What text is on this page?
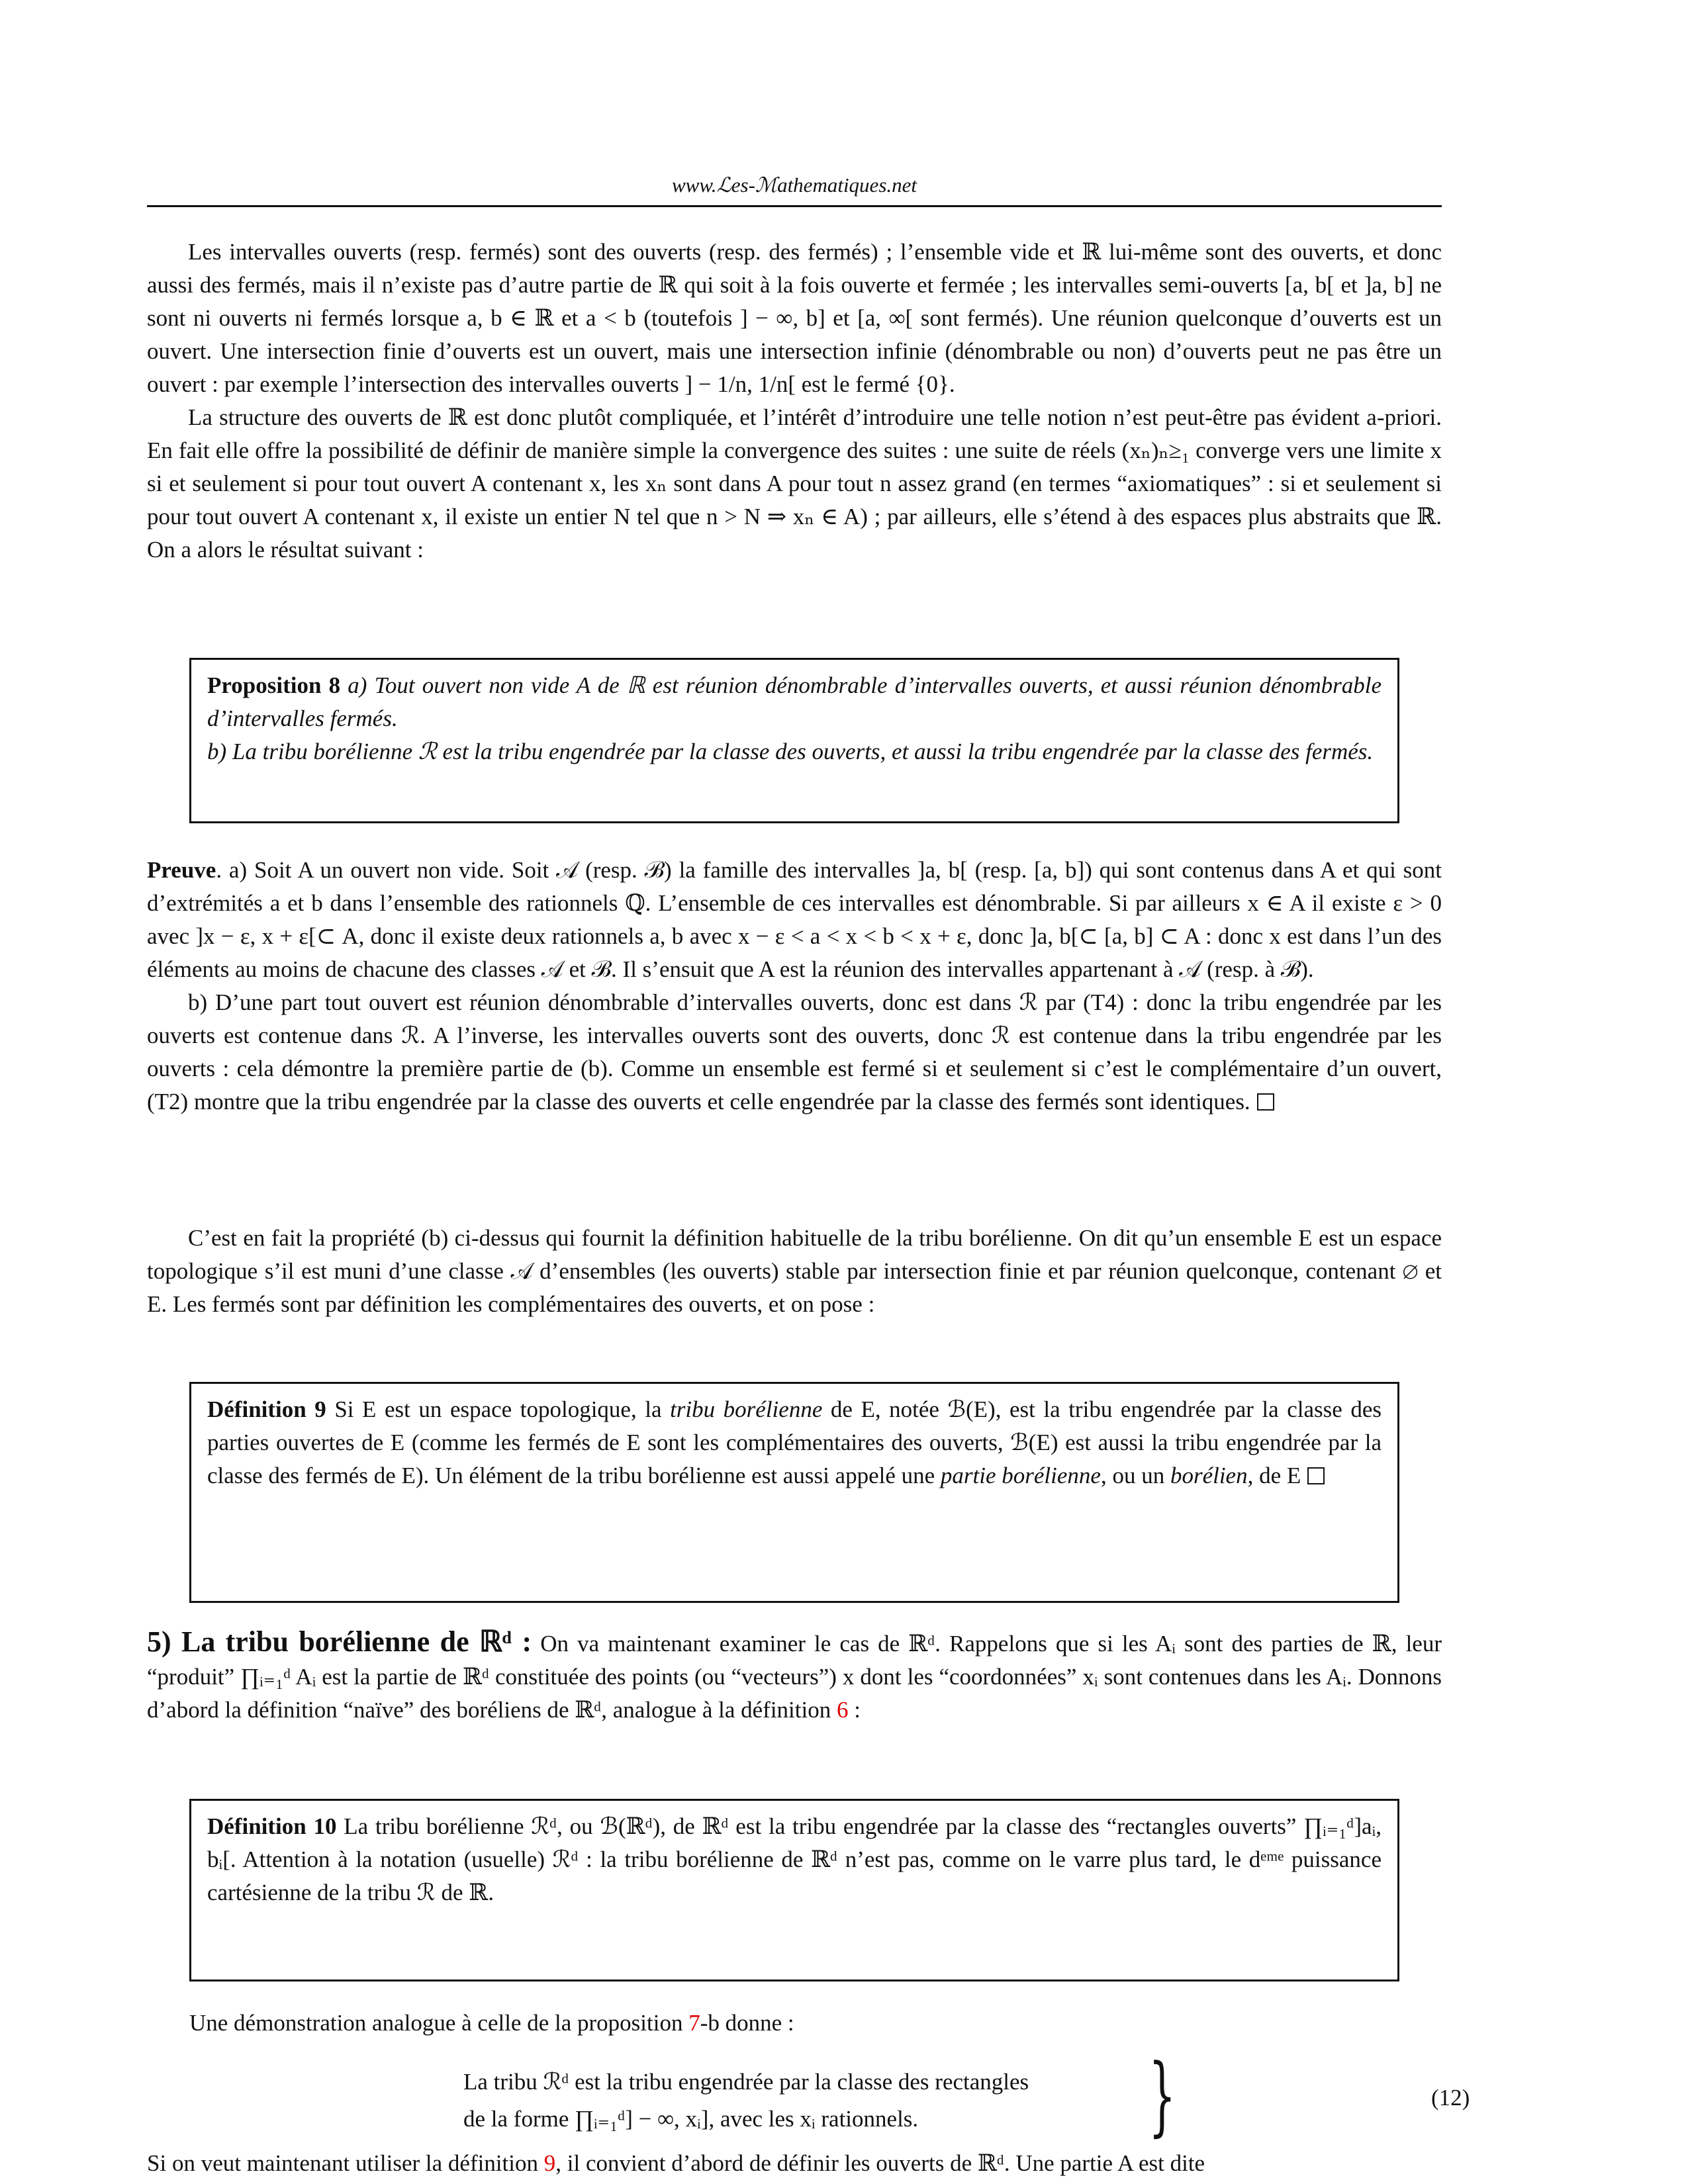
www.ℒes-ℳathematiques.net

Les intervalles ouverts (resp. fermés) sont des ouverts (resp. des fermés) ; l’ensemble vide et ℝ lui-même sont des ouverts, et donc aussi des fermés, mais il n’existe pas d’autre partie de ℝ qui soit à la fois ouverte et fermée ; les intervalles semi-ouverts [a, b[ et ]a, b] ne sont ni ouverts ni fermés lorsque a, b ∈ ℝ et a < b (toutefois ] − ∞, b] et [a, ∞[ sont fermés). Une réunion quelconque d’ouverts est un ouvert. Une intersection finie d’ouverts est un ouvert, mais une intersection infinie (dénombrable ou non) d’ouverts peut ne pas être un ouvert : par exemple l’intersection des intervalles ouverts ] − 1/n, 1/n[ est le fermé {0}.

La structure des ouverts de ℝ est donc plutôt compliquée, et l’intérêt d’introduire une telle notion n’est peut-être pas évident a-priori. En fait elle offre la possibilité de définir de manière simple la convergence des suites : une suite de réels (xₙ)ₙ≥₁ converge vers une limite x si et seulement si pour tout ouvert A contenant x, les xₙ sont dans A pour tout n assez grand (en termes “axiomatiques” : si et seulement si pour tout ouvert A contenant x, il existe un entier N tel que n > N ⇒ xₙ ∈ A) ; par ailleurs, elle s’étend à des espaces plus abstraits que ℝ. On a alors le résultat suivant :

Proposition 8 a) Tout ouvert non vide A de ℝ est réunion dénombrable d’intervalles ouverts, et aussi réunion dénombrable d’intervalles fermés.
b) La tribu borélienne ℛ est la tribu engendrée par la classe des ouverts, et aussi la tribu engendrée par la classe des fermés.

Preuve. a) Soit A un ouvert non vide. Soit 𝒜 (resp. ℬ) la famille des intervalles ]a, b[ (resp. [a, b]) qui sont contenus dans A et qui sont d’extrémités a et b dans l’ensemble des rationnels ℚ. L’ensemble de ces intervalles est dénombrable. Si par ailleurs x ∈ A il existe ε > 0 avec ]x − ε, x + ε[⊂ A, donc il existe deux rationnels a, b avec x − ε < a < x < b < x + ε, donc ]a, b[⊂ [a, b] ⊂ A : donc x est dans l’un des éléments au moins de chacune des classes 𝒜 et ℬ. Il s’ensuit que A est la réunion des intervalles appartenant à 𝒜 (resp. à ℬ).

b) D’une part tout ouvert est réunion dénombrable d’intervalles ouverts, donc est dans ℛ par (T4) : donc la tribu engendrée par les ouverts est contenue dans ℛ. A l’inverse, les intervalles ouverts sont des ouverts, donc ℛ est contenue dans la tribu engendrée par les ouverts : cela démontre la première partie de (b). Comme un ensemble est fermé si et seulement si c’est le complémentaire d’un ouvert, (T2) montre que la tribu engendrée par la classe des ouverts et celle engendrée par la classe des fermés sont identiques.

C’est en fait la propriété (b) ci-dessus qui fournit la définition habituelle de la tribu borélienne. On dit qu’un ensemble E est un espace topologique s’il est muni d’une classe 𝒜 d’ensembles (les ouverts) stable par intersection finie et par réunion quelconque, contenant ∅ et E. Les fermés sont par définition les complémentaires des ouverts, et on pose :
Définition 9 Si E est un espace topologique, la tribu borélienne de E, notée ℬ(E), est la tribu engendrée par la classe des parties ouvertes de E (comme les fermés de E sont les complémentaires des ouverts, ℬ(E) est aussi la tribu engendrée par la classe des fermés de E). Un élément de la tribu borélienne est aussi appelé une partie borélienne, ou un borélien, de E
5) La tribu borélienne de ℝᵈ : On va maintenant examiner le cas de ℝᵈ. Rappelons que si les Aᵢ sont des parties de ℝ, leur “produit” ∏ᵢ₌₁ᵈ Aᵢ est la partie de ℝᵈ constituée des points (ou “vecteurs”) x dont les “coordonnées” xᵢ sont contenues dans les Aᵢ. Donnons d’abord la définition “naïve” des boréliens de ℝᵈ, analogue à la définition 6 :
Définition 10 La tribu borélienne ℛᵈ, ou ℬ(ℝᵈ), de ℝᵈ est la tribu engendrée par la classe des “rectangles ouverts” ∏ᵢ₌₁ᵈ]aᵢ, bᵢ[. Attention à la notation (usuelle) ℛᵈ : la tribu borélienne de ℝᵈ n’est pas, comme on le varre plus tard, le dᵉᵐᵉ puissance cartésienne de la tribu ℛ de ℝ.
Une démonstration analogue à celle de la proposition 7-b donne :
La tribu ℛᵈ est la tribu engendrée par la classe des rectangles
de la forme ∏ᵢ₌₁ᵈ] − ∞, xᵢ], avec les xᵢ rationnels.	}	(12)
Si on veut maintenant utiliser la définition 9, il convient d’abord de définir les ouverts de ℝᵈ. Une partie A est dite
